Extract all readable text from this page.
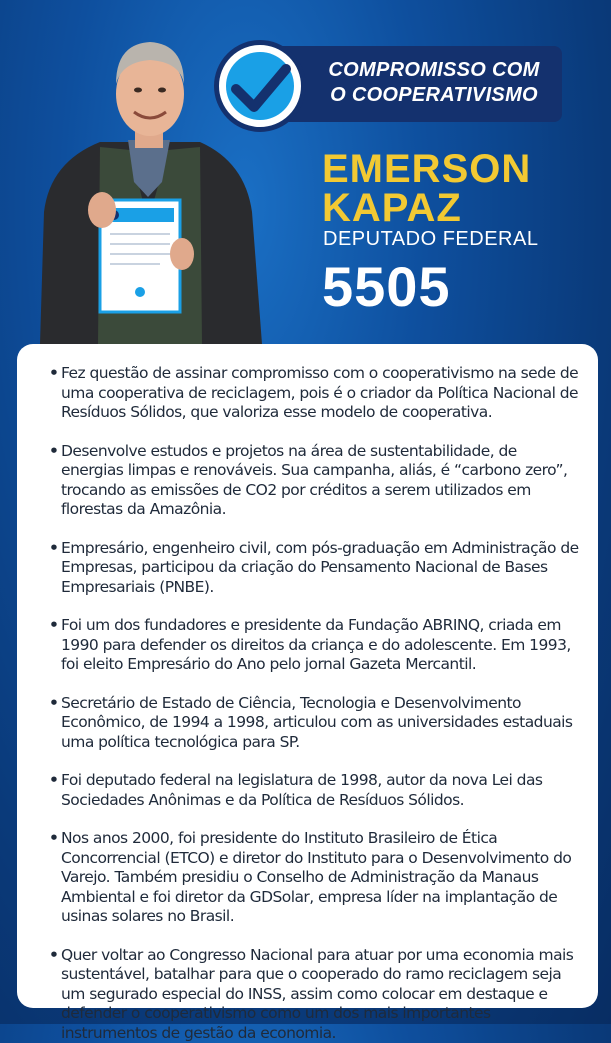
COMPROMISSO COM
O COOPERATIVISMO
EMERSON
KAPAZ
DEPUTADO FEDERAL
5505
• Fez questão de assinar compromisso com o cooperativismo na sede de uma cooperativa de reciclagem, pois é o criador da Política Nacional de Resíduos Sólidos, que valoriza esse modelo de cooperativa.
• Desenvolve estudos e projetos na área de sustentabilidade, de energias limpas e renováveis. Sua campanha, aliás, é “carbono zero”, trocando as emissões de CO2 por créditos a serem utilizados em florestas da Amazônia.
• Empresário, engenheiro civil, com pós-graduação em Administração de Empresas, participou da criação do Pensamento Nacional de Bases Empresariais (PNBE).
• Foi um dos fundadores e presidente da Fundação ABRINQ, criada em 1990 para defender os direitos da criança e do adolescente. Em 1993, foi eleito Empresário do Ano pelo jornal Gazeta Mercantil.
• Secretário de Estado de Ciência, Tecnologia e Desenvolvimento Econômico, de 1994 a 1998, articulou com as universidades estaduais uma política tecnológica para SP.
• Foi deputado federal na legislatura de 1998, autor da nova Lei das Sociedades Anônimas e da Política de Resíduos Sólidos.
• Nos anos 2000, foi presidente do Instituto Brasileiro de Ética Concorrencial (ETCO) e diretor do Instituto para o Desenvolvimento do Varejo. Também presidiu o Conselho de Administração da Manaus Ambiental e foi diretor da GDSolar, empresa líder na implantação de usinas solares no Brasil.
• Quer voltar ao Congresso Nacional para atuar por uma economia mais sustentável, batalhar para que o cooperado do ramo reciclagem seja um segurado especial do INSS, assim como colocar em destaque e defender o cooperativismo como um dos mais importantes instrumentos de gestão da economia.
